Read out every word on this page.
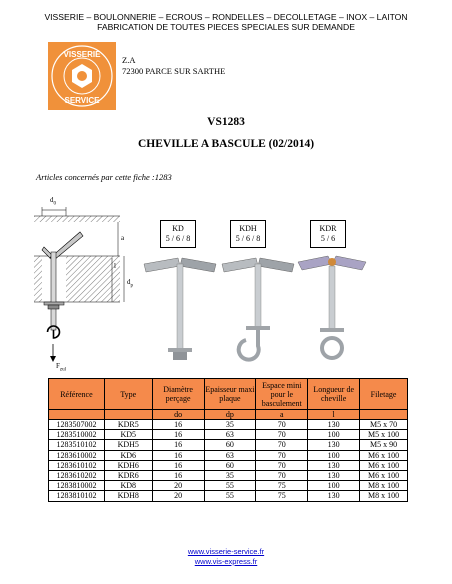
VISSERIE – BOULONNERIE – ECROUS – RONDELLES – DECOLLETAGE – INOX – LAITON
FABRICATION DE TOUTES PIECES SPECIALES SUR DEMANDE
VISSERIE
SERVICE
Z.A
72300 PARCE SUR SARTHE
VS1283
CHEVILLE A BASCULE (02/2014)
Articles concernés par cette fiche :1283
$d_0$
a
l
$d_p$
$F_{zul}$
KD
5 / 6 / 8
KDH
5 / 6 / 8
KDR
5 / 6
Référence	Type	Diamètre perçage	Epaisseur maxi plaque	Espace mini pour le basculement	Longueur de cheville	Filetage
		do	dp	a	l	
1283507002	KDR5	16	35	70	130	M5 x 70
1283510002	KD5	16	63	70	100	M5 x 100
1283510102	KDH5	16	60	70	130	M5 x 90
1283610002	KD6	16	63	70	100	M6 x 100
1283610102	KDH6	16	60	70	130	M6 x 100
1283610202	KDR6	16	35	70	130	M6 x 100
1283810002	KD8	20	55	75	100	M8 x 100
1283810102	KDH8	20	55	75	130	M8 x 100
www.visserie-service.fr
www.vis-express.fr
